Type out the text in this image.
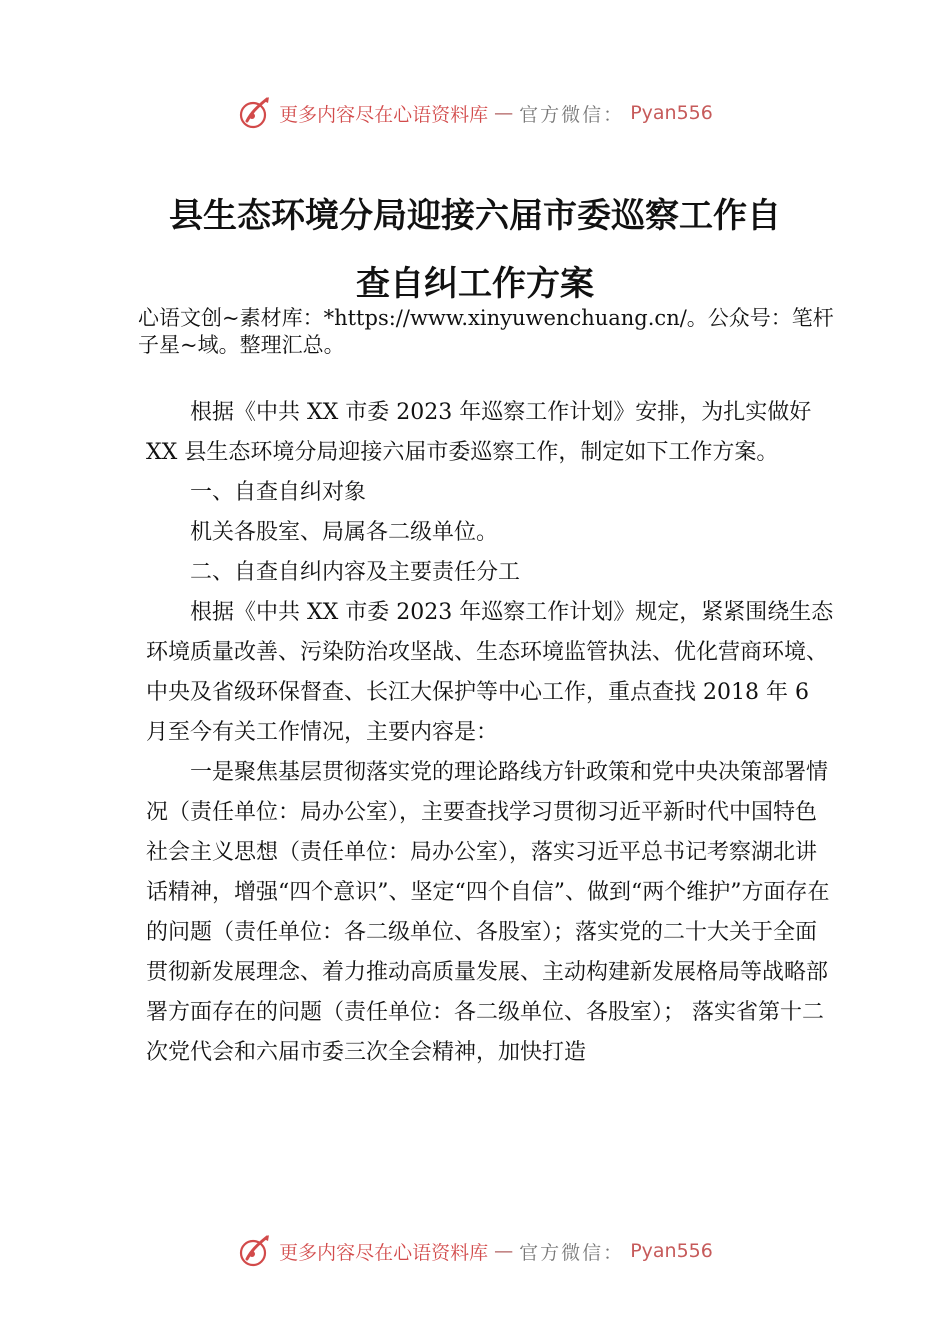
更多内容尽在心语资料库 — 官方微信： Pyan556
县生态环境分局迎接六届市委巡察工作自
查自纠工作方案
心语文创~素材库：*https://www.xinyuwenchuang.cn/。公众号：笔杆子星~域。整理汇总。

根据《中共 XX 市委 2023 年巡察工作计划》安排，为扎实做好 XX 县生态环境分局迎接六届市委巡察工作，制定如下工作方案。

一、自查自纠对象

机关各股室、局属各二级单位。

二、自查自纠内容及主要责任分工

根据《中共 XX 市委 2023 年巡察工作计划》规定，紧紧围绕生态环境质量改善、污染防治攻坚战、生态环境监管执法、优化营商环境、中央及省级环保督查、长江大保护等中心工作，重点查找 2018 年 6 月至今有关工作情况，主要内容是：

一是聚焦基层贯彻落实党的理论路线方针政策和党中央决策部署情况（责任单位：局办公室），主要查找学习贯彻习近平新时代中国特色社会主义思想（责任单位：局办公室），落实习近平总书记考察湖北讲话精神，增强“四个意识”、坚定“四个自信”、做到“两个维护”方面存在的问题（责任单位：各二级单位、各股室）；落实党的二十大关于全面贯彻新发展理念、着力推动高质量发展、主动构建新发展格局等战略部署方面存在的问题（责任单位：各二级单位、各股室）； 落实省第十二次党代会和六届市委三次全会精神，加快打造

更多内容尽在心语资料库 — 官方微信： Pyan556
